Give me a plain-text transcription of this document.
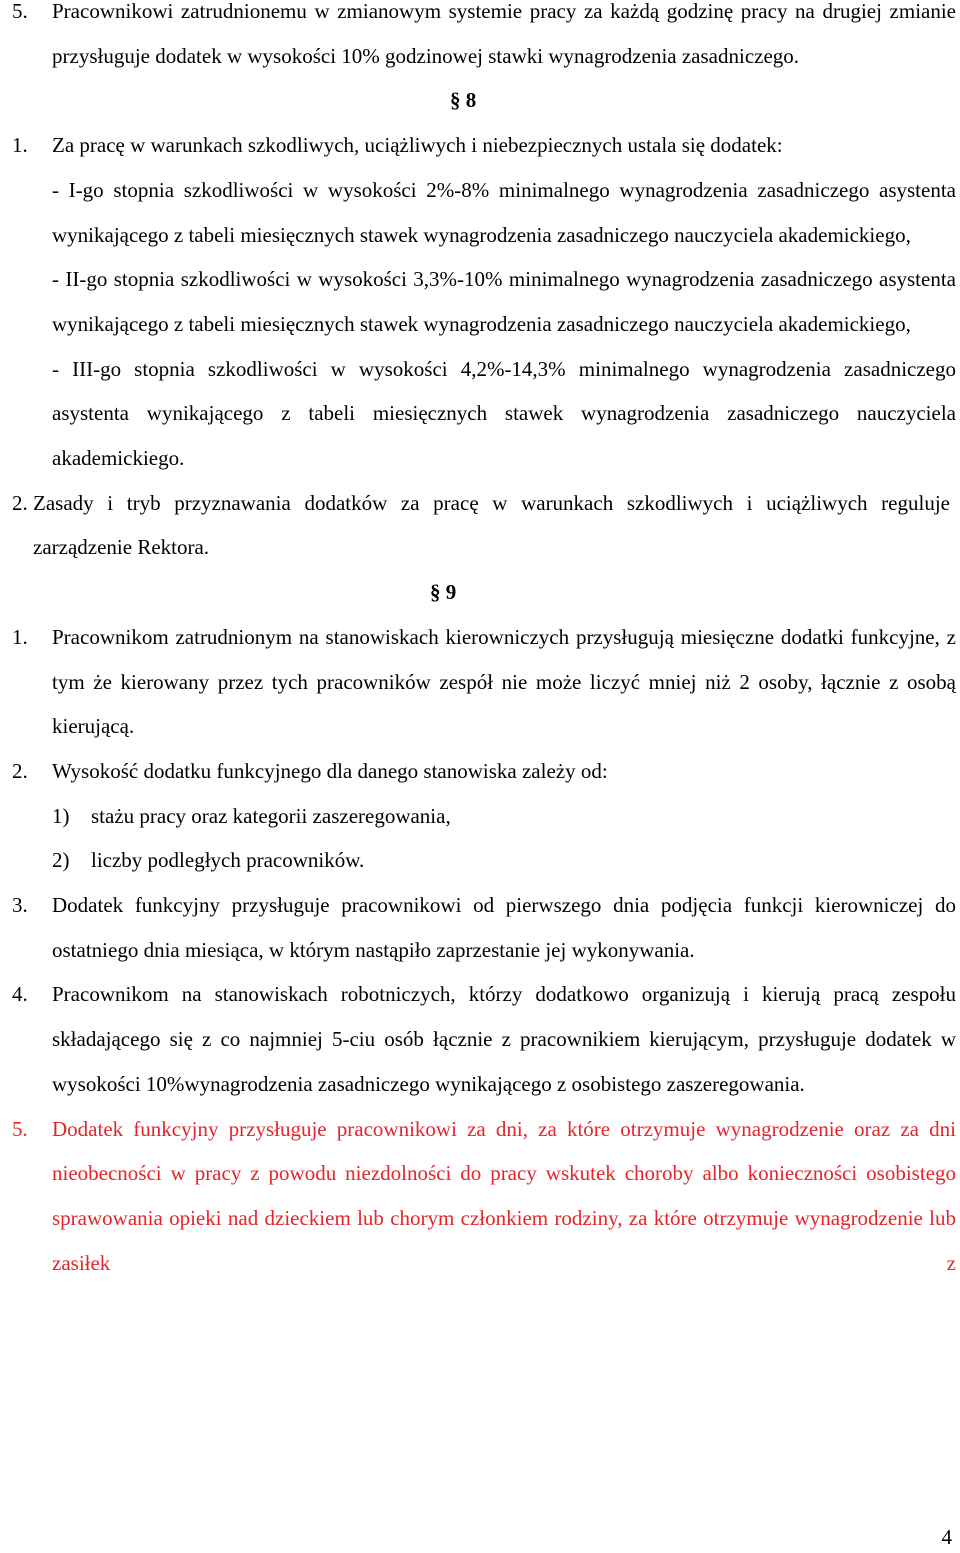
5. Pracownikowi zatrudnionemu w zmianowym systemie pracy za każdą godzinę pracy na drugiej zmianie przysługuje dodatek w wysokości 10% godzinowej stawki wynagrodzenia zasadniczego.

§ 8

1. Za pracę w warunkach szkodliwych, uciążliwych i niebezpiecznych ustala się dodatek:
- I-go stopnia szkodliwości w wysokości 2%-8% minimalnego wynagrodzenia zasadniczego asystenta wynikającego z tabeli miesięcznych stawek wynagrodzenia zasadniczego nauczyciela akademickiego,
- II-go stopnia szkodliwości w wysokości 3,3%-10% minimalnego wynagrodzenia zasadniczego asystenta wynikającego z tabeli miesięcznych stawek wynagrodzenia zasadniczego nauczyciela akademickiego,
- III-go stopnia szkodliwości w wysokości 4,2%-14,3% minimalnego wynagrodzenia zasadniczego asystenta wynikającego z tabeli miesięcznych stawek wynagrodzenia zasadniczego nauczyciela akademickiego.

2. Zasady i tryb przyznawania dodatków za pracę w warunkach szkodliwych i uciążliwych reguluje zarządzenie Rektora.

§ 9

1. Pracownikom zatrudnionym na stanowiskach kierowniczych przysługują miesięczne dodatki funkcyjne, z tym że kierowany przez tych pracowników zespół nie może liczyć mniej niż 2 osoby, łącznie z osobą kierującą.

2. Wysokość dodatku funkcyjnego dla danego stanowiska zależy od:

1) stażu pracy oraz kategorii zaszeregowania,

2) liczby podległych pracowników.

3. Dodatek funkcyjny przysługuje pracownikowi od pierwszego dnia podjęcia funkcji kierowniczej do ostatniego dnia miesiąca, w którym nastąpiło zaprzestanie jej wykonywania.

4. Pracownikom na stanowiskach robotniczych, którzy dodatkowo organizują i kierują pracą zespołu składającego się z co najmniej 5-ciu osób łącznie z pracownikiem kierującym, przysługuje dodatek w wysokości 10%wynagrodzenia zasadniczego wynikającego z osobistego zaszeregowania.

5. Dodatek funkcyjny przysługuje pracownikowi za dni, za które otrzymuje wynagrodzenie oraz za dni nieobecności w pracy z powodu niezdolności do pracy wskutek choroby albo konieczności osobistego sprawowania opieki nad dzieckiem lub chorym członkiem rodziny, za które otrzymuje wynagrodzenie lub zasiłek z

4
